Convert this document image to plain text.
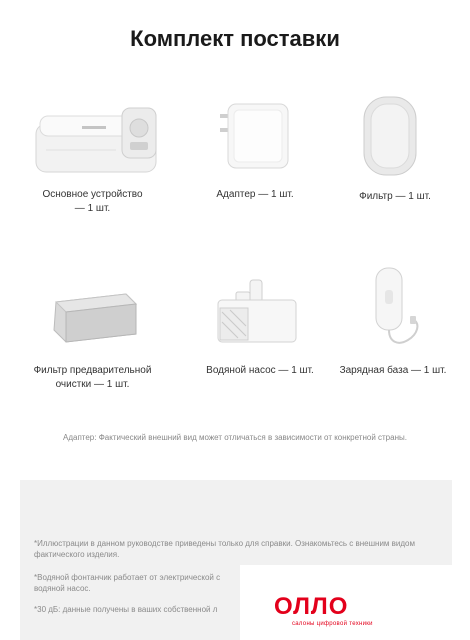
Комплект поставки
Основное устройство
— 1 шт.
Адаптер — 1 шт.	Фильтр — 1 шт.
Фильтр предварительной
очистки — 1 шт.
Водяной насос — 1 шт.	Зарядная база — 1 шт.
Адаптер: Фактический внешний вид может отличаться в зависимости от конкретной страны.
*Иллюстрации в данном руководстве приведены только для справки. Ознакомьтесь с внешним видом фактического изделия.
*Водяной фонтанчик работает от электрической с
водяной насос.
*30 дБ: данные получены в ваших собственной л	ОЛЛО
салоны цифровой техники
